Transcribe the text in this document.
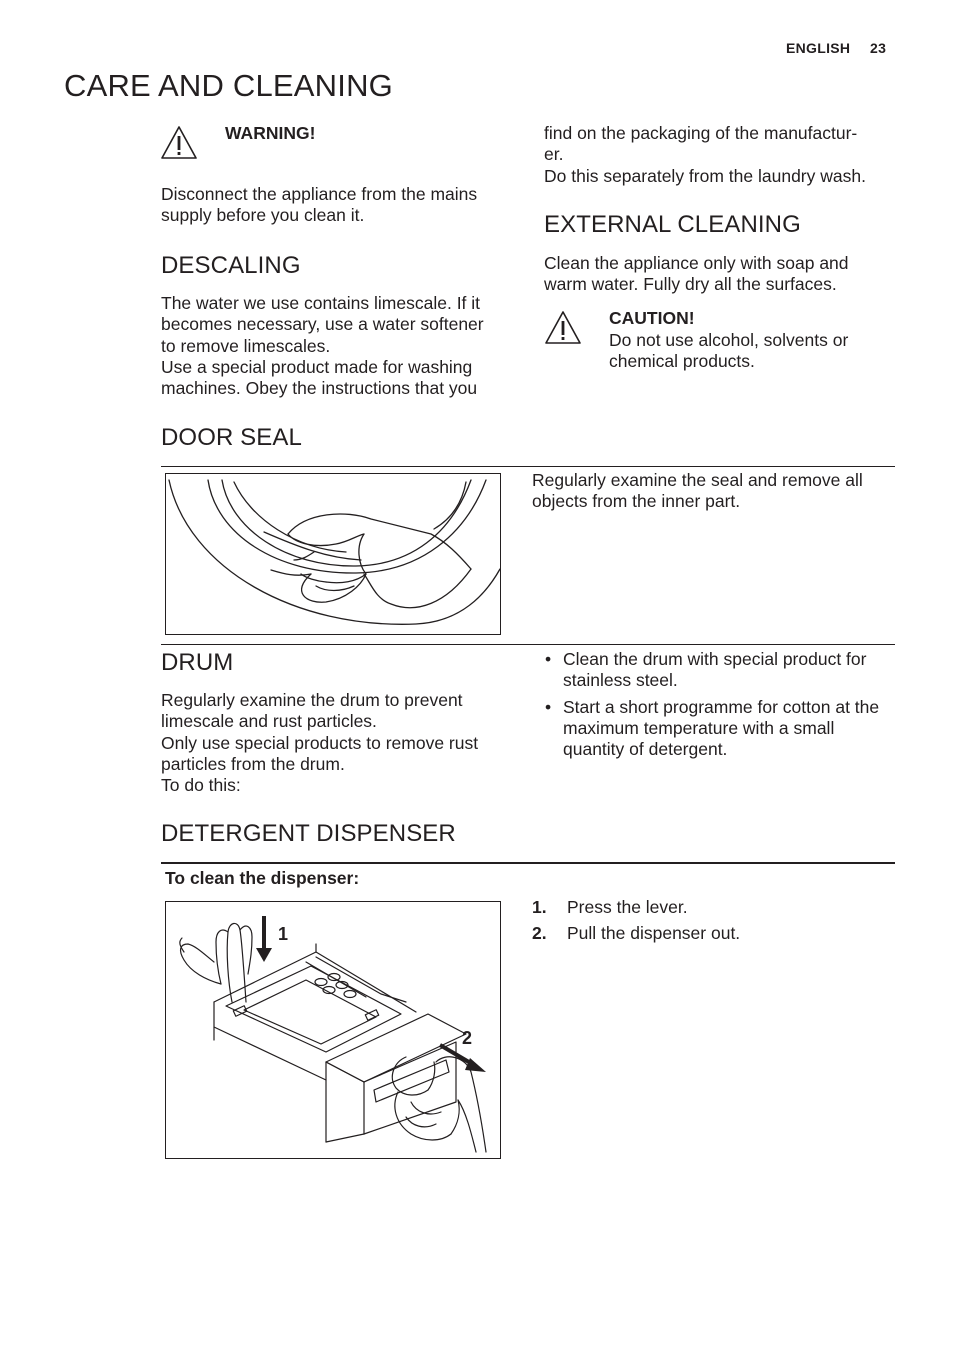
ENGLISH 23
CARE AND CLEANING
WARNING!
Disconnect the appliance from the mains supply before you clean it.
DESCALING
The water we use contains limescale. If it
becomes necessary, use a water softener
to remove limescales.
Use a special product made for washing
machines. Obey the instructions that you
find on the packaging of the manufactur-
er.
Do this separately from the laundry wash.
EXTERNAL CLEANING
Clean the appliance only with soap and
warm water. Fully dry all the surfaces.
CAUTION!
Do not use alcohol, solvents or
chemical products.
DOOR SEAL
Regularly examine the seal and remove all
objects from the inner part.
DRUM
Regularly examine the drum to prevent
limescale and rust particles.
Only use special products to remove rust
particles from the drum.
To do this:
• Clean the drum with special product for stainless steel.
• Start a short programme for cotton at the maximum temperature with a small quantity of detergent.
DETERGENT DISPENSER
To clean the dispenser:
1
2
1. Press the lever.
2. Pull the dispenser out.
